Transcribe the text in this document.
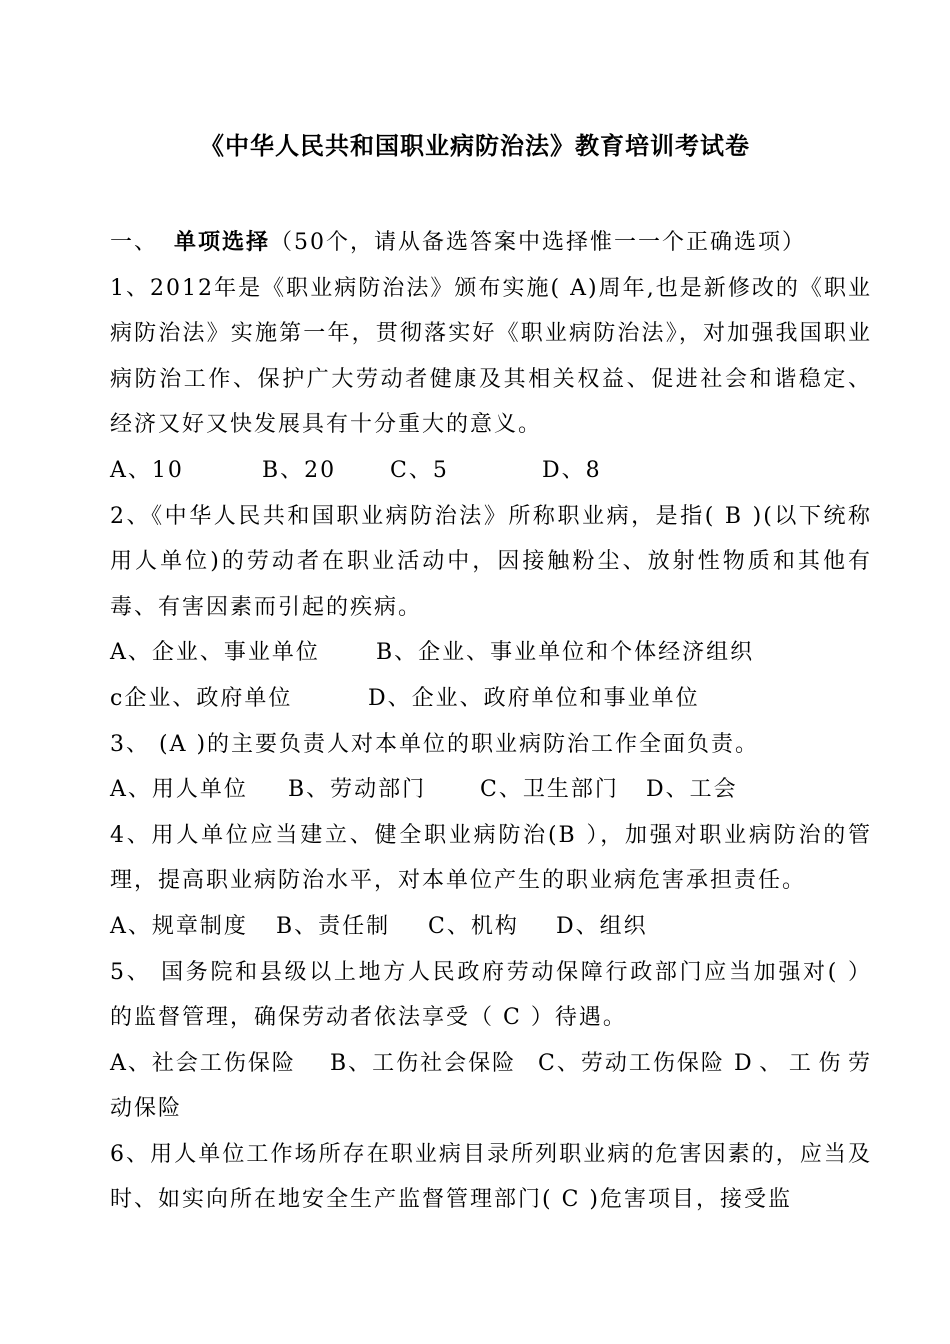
《中华人民共和国职业病防治法》教育培训考试卷
一、 单项选择（50个，请从备选答案中选择惟一一个正确选项）
1、2012年是《职业病防治法》颁布实施( A)周年,也是新修改的《职业病防治法》实施第一年，贯彻落实好《职业病防治法》，对加强我国职业病防治工作、保护广大劳动者健康及其相关权益、促进社会和谐稳定、经济又好又快发展具有十分重大的意义。
A、10	B、20 C、5	D、8
2、《中华人民共和国职业病防治法》所称职业病，是指( B )(以下统称用人单位)的劳动者在职业活动中，因接触粉尘、放射性物质和其他有毒、有害因素而引起的疾病。
A、企业、事业单位	B、企业、事业单位和个体经济组织
c企业、政府单位	D、企业、政府单位和事业单位
3、 (A )的主要负责人对本单位的职业病防治工作全面负责。
A、用人单位 B、劳动部门 C、卫生部门 D、工会
4、用人单位应当建立、健全职业病防治(B ），加强对职业病防治的管理，提高职业病防治水平，对本单位产生的职业病危害承担责任。
A、规章制度 B、责任制 C、机构 D、组织
5、 国务院和县级以上地方人民政府劳动保障行政部门应当加强对( ）的监督管理，确保劳动者依法享受（ C ）待遇。
A、社会工伤保险 B、工伤社会保险 C、劳动工伤保险 D、工伤劳动保险
6、用人单位工作场所存在职业病目录所列职业病的危害因素的，应当及时、如实向所在地安全生产监督管理部门( C )危害项目，接受监
